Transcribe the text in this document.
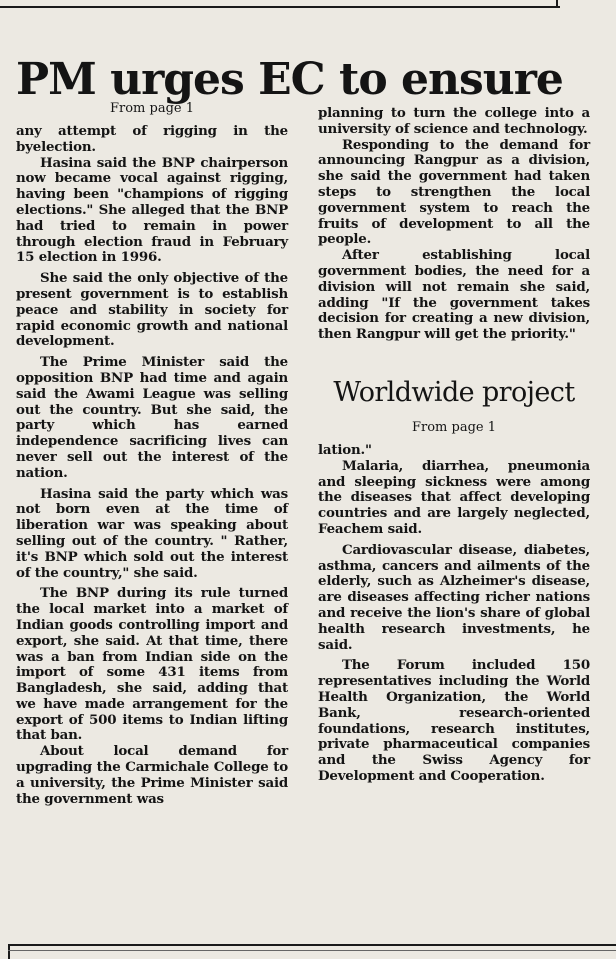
PM urges EC to ensure

From page 1

any attempt of rigging in the byelection.

Hasina said the BNP chairperson now became vocal against rigging, having been "champions of rigging elections." She alleged that the BNP had tried to remain in power through election fraud in February 15 election in 1996.

She said the only objective of the present government is to establish peace and stability in society for rapid economic growth and national development.

The Prime Minister said the opposition BNP had time and again said the Awami League was selling out the country. But she said, the party which has earned independence sacrificing lives can never sell out the interest of the nation.

Hasina said the party which was not born even at the time of liberation war was speaking about selling out of the country. " Rather, it's BNP which sold out the interest of the country," she said.

The BNP during its rule turned the local market into a market of Indian goods controlling import and export, she said. At that time, there was a ban from Indian side on the import of some 431 items from Bangladesh, she said, adding that we have made arrangement for the export of 500 items to Indian lifting that ban.

About local demand for upgrading the Carmichale College to a university, the Prime Minister said the government was

planning to turn the college into a university of science and technology.

Responding to the demand for announcing Rangpur as a division, she said the government had taken steps to strengthen the local government system to reach the fruits of development to all the people.

After establishing local government bodies, the need for a division will not remain she said, adding "If the government takes decision for creating a new division, then Rangpur will get the priority."

Worldwide project

From page 1

lation."

Malaria, diarrhea, pneumonia and sleeping sickness were among the diseases that affect developing countries and are largely neglected, Feachem said.

Cardiovascular disease, diabetes, asthma, cancers and ailments of the elderly, such as Alzheimer's disease, are diseases affecting richer nations and receive the lion's share of global health research investments, he said.

The Forum included 150 representatives including the World Health Organization, the World Bank, research-oriented foundations, research institutes, private pharmaceutical companies and the Swiss Agency for Development and Cooperation.
